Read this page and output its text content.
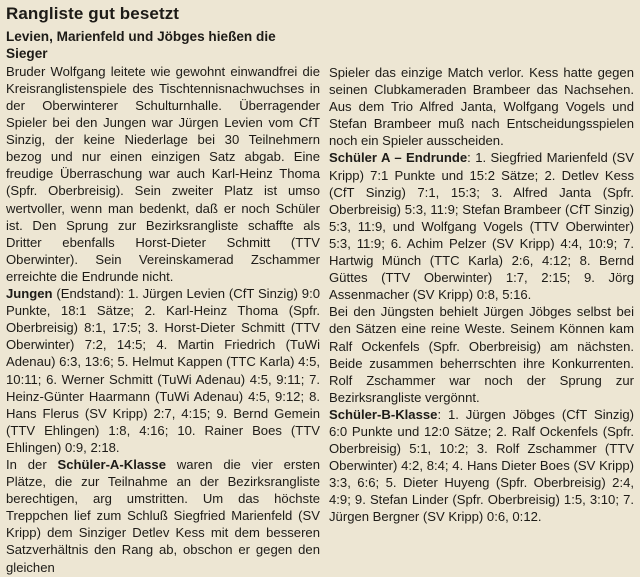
Rangliste gut besetzt
Levien, Marienfeld und Jöbges hießen die Sieger

Bruder Wolfgang leitete wie gewohnt einwandfrei die Kreisranglistenspiele des Tischtennisnachwuchses in der Oberwinterer Schulturnhalle. Überragender Spieler bei den Jungen war Jürgen Levien vom CfT Sinzig, der keine Niederlage bei 30 Teilnehmern bezog und nur einen einzigen Satz abgab. Eine freudige Überraschung war auch Karl-Heinz Thoma (Spfr. Oberbreisig). Sein zweiter Platz ist umso wertvoller, wenn man bedenkt, daß er noch Schüler ist. Den Sprung zur Bezirksrangliste schaffte als Dritter ebenfalls Horst-Dieter Schmitt (TTV Oberwinter). Sein Vereinskamerad Zschammer erreichte die Endrunde nicht.

Jungen (Endstand): 1. Jürgen Levien (CfT Sinzig) 9:0 Punkte, 18:1 Sätze; 2. Karl-Heinz Thoma (Spfr. Oberbreisig) 8:1, 17:5; 3. Horst-Dieter Schmitt (TTV Oberwinter) 7:2, 14:5; 4. Martin Friedrich (TuWi Adenau) 6:3, 13:6; 5. Helmut Kappen (TTC Karla) 4:5, 10:11; 6. Werner Schmitt (TuWi Adenau) 4:5, 9:11; 7. Heinz-Günter Haarmann (TuWi Adenau) 4:5, 9:12; 8. Hans Flerus (SV Kripp) 2:7, 4:15; 9. Bernd Gemein (TTV Ehlingen) 1:8, 4:16; 10. Rainer Boes (TTV Ehlingen) 0:9, 2:18.

In der Schüler-A-Klasse waren die vier ersten Plätze, die zur Teilnahme an der Bezirksrangliste berechtigen, arg umstritten. Um das höchste Treppchen lief zum Schluß Siegfried Marienfeld (SV Kripp) dem Sinziger Detlev Kess mit dem besseren Satzverhältnis den Rang ab, obschon er gegen den gleichen

Spieler das einzige Match verlor. Kess hatte gegen seinen Clubkameraden Brambeer das Nachsehen. Aus dem Trio Alfred Janta, Wolfgang Vogels und Stefan Brambeer muß nach Entscheidungsspielen noch ein Spieler ausscheiden.

Schüler A – Endrunde: 1. Siegfried Marienfeld (SV Kripp) 7:1 Punkte und 15:2 Sätze; 2. Detlev Kess (CfT Sinzig) 7:1, 15:3; 3. Alfred Janta (Spfr. Oberbreisig) 5:3, 11:9; Stefan Brambeer (CfT Sinzig) 5:3, 11:9, und Wolfgang Vogels (TTV Oberwinter) 5:3, 11:9; 6. Achim Pelzer (SV Kripp) 4:4, 10:9; 7. Hartwig Münch (TTC Karla) 2:6, 4:12; 8. Bernd Güttes (TTV Oberwinter) 1:7, 2:15; 9. Jörg Assenmacher (SV Kripp) 0:8, 5:16.

Bei den Jüngsten behielt Jürgen Jöbges selbst bei den Sätzen eine reine Weste. Seinem Können kam Ralf Ockenfels (Spfr. Oberbreisig) am nächsten. Beide zusammen beherrschten ihre Konkurrenten. Rolf Zschammer war noch der Sprung zur Bezirksrangliste vergönnt.

Schüler-B-Klasse: 1. Jürgen Jöbges (CfT Sinzig) 6:0 Punkte und 12:0 Sätze; 2. Ralf Ockenfels (Spfr. Oberbreisig) 5:1, 10:2; 3. Rolf Zschammer (TTV Oberwinter) 4:2, 8:4; 4. Hans Dieter Boes (SV Kripp) 3:3, 6:6; 5. Dieter Huyeng (Spfr. Oberbreisig) 2:4, 4:9; 9. Stefan Linder (Spfr. Oberbreisig) 1:5, 3:10; 7. Jürgen Bergner (SV Kripp) 0:6, 0:12.
